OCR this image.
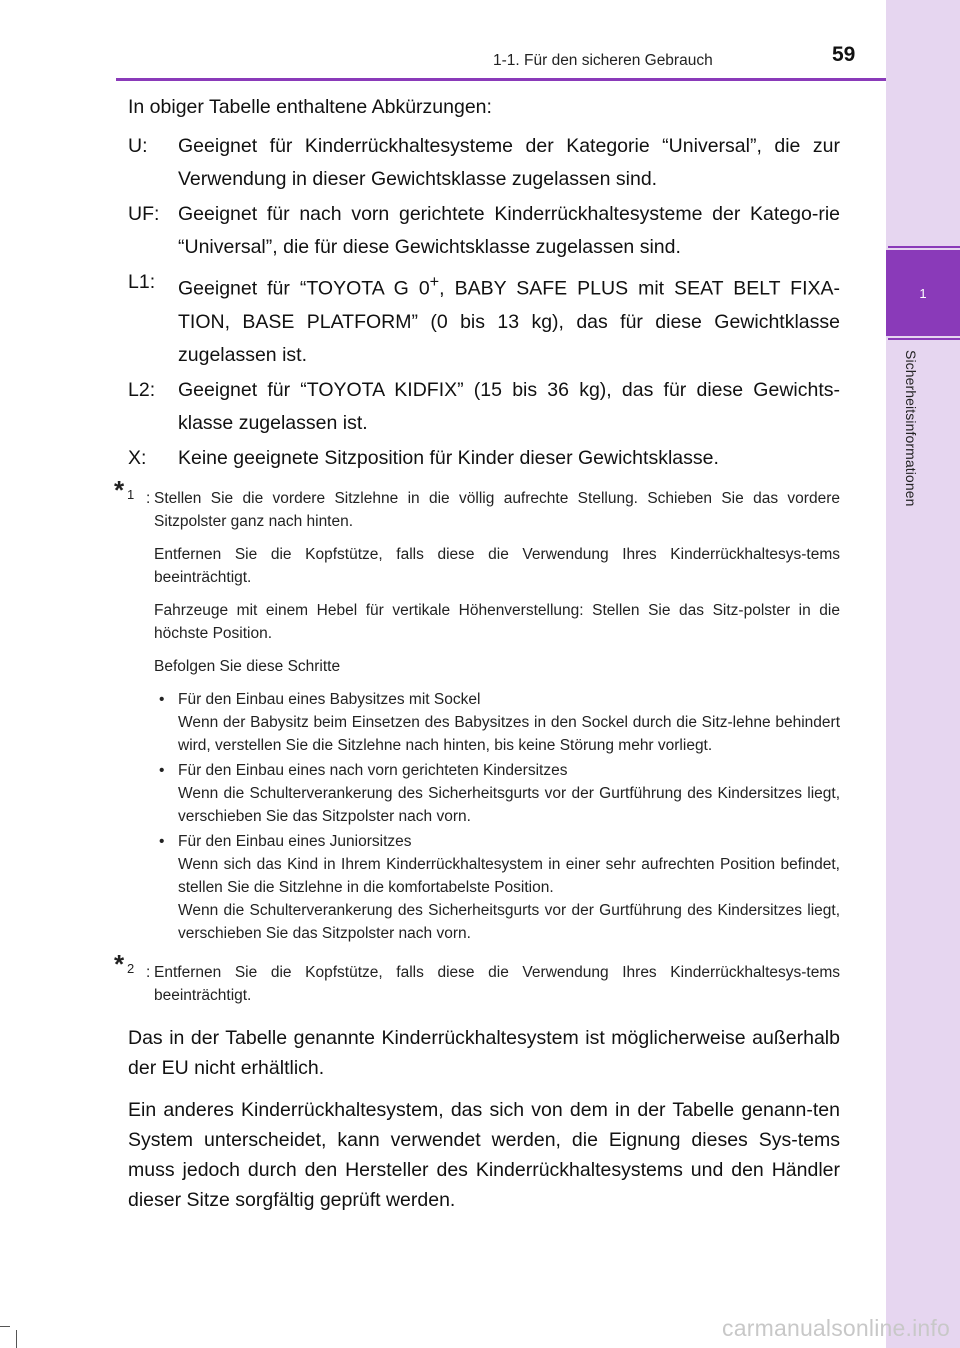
1
Sicherheitsinformationen
1-1. Für den sicheren Gebrauch	59

In obiger Tabelle enthaltene Abkürzungen:

U:	Geeignet für Kinderrückhaltesysteme der Kategorie “Universal”, die zur Verwendung in dieser Gewichtsklasse zugelassen sind.
UF: Geeignet für nach vorn gerichtete Kinderrückhaltesysteme der Katego-rie “Universal”, die für diese Gewichtsklasse zugelassen sind.
L1:	Geeignet für “TOYOTA G 0+, BABY SAFE PLUS mit SEAT BELT FIXA-TION, BASE PLATFORM” (0 bis 13 kg), das für diese Gewichtklasse zugelassen ist.
L2:	Geeignet für “TOYOTA KIDFIX” (15 bis 36 kg), das für diese Gewichts-klasse zugelassen ist.
X:	Keine geeignete Sitzposition für Kinder dieser Gewichtsklasse.
* 1 : Stellen Sie die vordere Sitzlehne in die völlig aufrechte Stellung. Schieben Sie das vordere Sitzpolster ganz nach hinten.

Entfernen Sie die Kopfstütze, falls diese die Verwendung Ihres Kinderrückhaltesys-tems beeinträchtigt.

Fahrzeuge mit einem Hebel für vertikale Höhenverstellung: Stellen Sie das Sitz-polster in die höchste Position.

Befolgen Sie diese Schritte

• Für den Einbau eines Babysitzes mit Sockel
Wenn der Babysitz beim Einsetzen des Babysitzes in den Sockel durch die Sitz-lehne behindert wird, verstellen Sie die Sitzlehne nach hinten, bis keine Störung mehr vorliegt.
• Für den Einbau eines nach vorn gerichteten Kindersitzes
Wenn die Schulterverankerung des Sicherheitsgurts vor der Gurtführung des Kindersitzes liegt, verschieben Sie das Sitzpolster nach vorn.
• Für den Einbau eines Juniorsitzes
Wenn sich das Kind in Ihrem Kinderrückhaltesystem in einer sehr aufrechten Position befindet, stellen Sie die Sitzlehne in die komfortabelste Position.
Wenn die Schulterverankerung des Sicherheitsgurts vor der Gurtführung des Kindersitzes liegt, verschieben Sie das Sitzpolster nach vorn.
* 2 : Entfernen Sie die Kopfstütze, falls diese die Verwendung Ihres Kinderrückhaltesys-tems beeinträchtigt.

Das in der Tabelle genannte Kinderrückhaltesystem ist möglicherweise außerhalb der EU nicht erhältlich.

Ein anderes Kinderrückhaltesystem, das sich von dem in der Tabelle genann-ten System unterscheidet, kann verwendet werden, die Eignung dieses Sys-tems muss jedoch durch den Hersteller des Kinderrückhaltesystems und den Händler dieser Sitze sorgfältig geprüft werden.

carmanualsonline.info
